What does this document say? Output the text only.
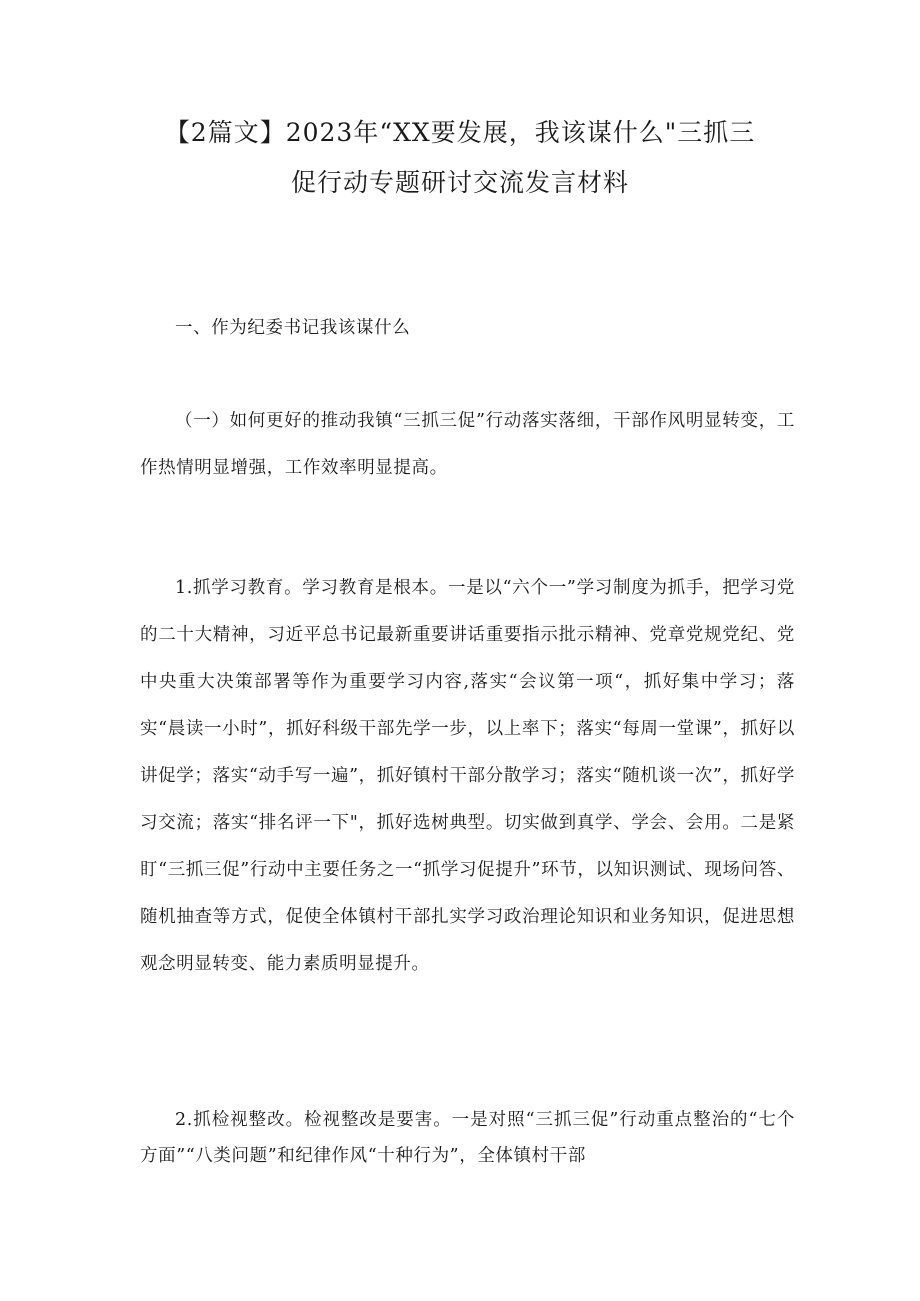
【2篇文】2023年“XX要发展，我该谋什么"三抓三
促行动专题研讨交流发言材料

一、作为纪委书记我该谋什么

（一）如何更好的推动我镇“三抓三促”行动落实落细，干部作风明显转变，工作热情明显增强，工作效率明显提高。

1.抓学习教育。学习教育是根本。一是以“六个一”学习制度为抓手，把学习党的二十大精神，习近平总书记最新重要讲话重要指示批示精神、党章党规党纪、党中央重大决策部署等作为重要学习内容,落实“会议第一项“，抓好集中学习；落实“晨读一小时”，抓好科级干部先学一步，以上率下；落实“每周一堂课”，抓好以讲促学；落实“动手写一遍”，抓好镇村干部分散学习；落实“随机谈一次”，抓好学习交流；落实“排名评一下"，抓好选树典型。切实做到真学、学会、会用。二是紧盯“三抓三促”行动中主要任务之一“抓学习促提升”环节，以知识测试、现场问答、随机抽查等方式，促使全体镇村干部扎实学习政治理论知识和业务知识，促进思想观念明显转变、能力素质明显提升。

2.抓检视整改。检视整改是要害。一是对照“三抓三促”行动重点整治的“七个方面”“八类问题”和纪律作风“十种行为”，全体镇村干部
